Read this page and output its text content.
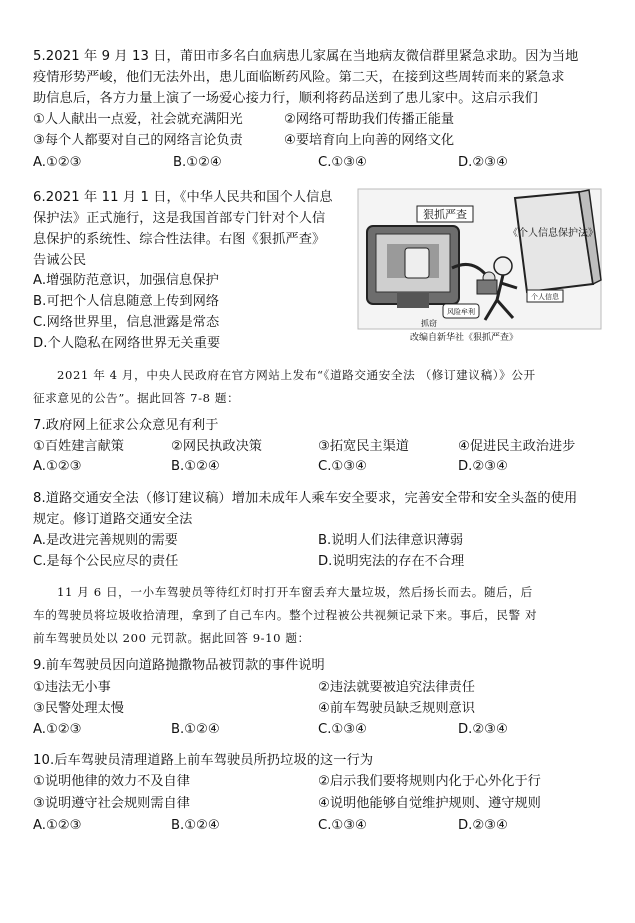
5.2021 年 9 月 13 日，莆田市多名白血病患儿家属在当地病友微信群里紧急求助。因为当地
疫情形势严峻，他们无法外出，患儿面临断药风险。第二天，在接到这些周转而来的紧急求
助信息后，各方力量上演了一场爱心接力行，顺利将药品送到了患儿家中。这启示我们
①人人献出一点爱，社会就充满阳光	②网络可帮助我们传播正能量
③每个人都要对自己的网络言论负责	④要培育向上向善的网络文化
A.①②③	B.①②④	C.①③④	D.②③④
6.2021 年 11 月 1 日，《中华人民共和国个人信息
保护法》正式施行，这是我国首部专门针对个人信
息保护的系统性、综合性法律。右图《狠抓严查》
告诫公民
A.增强防范意识，加强信息保护
B.可把个人信息随意上传到网络
C.网络世界里，信息泄露是常态
D.个人隐私在网络世界无关重要
狠抓严查
《个人信息保护法》
风险牟利
抓窃
个人信息
改编自新华社《狠抓严查》
2021 年 4 月，中央人民政府在官方网站上发布“《道路交通安全法 （修订建议稿）》公开
征求意见的公告”。据此回答 7-8 题：
7.政府网上征求公众意见有利于
①百姓建言献策	②网民执政决策	③拓宽民主渠道	④促进民主政治进步
A.①②③	B.①②④	C.①③④	D.②③④
8.道路交通安全法（修订建议稿）增加未成年人乘车安全要求，完善安全带和安全头盔的使用
规定。修订道路交通安全法
A.是改进完善规则的需要	B.说明人们法律意识薄弱
C.是每个公民应尽的责任	D.说明宪法的存在不合理
11 月 6 日，一小车驾驶员等待红灯时打开车窗丢弃大量垃圾，然后扬长而去。随后，后
车的驾驶员将垃圾收拾清理，拿到了自己车内。整个过程被公共视频记录下来。事后，民警 对
前车驾驶员处以 200 元罚款。据此回答 9-10 题：
9.前车驾驶员因向道路抛撒物品被罚款的事件说明
①违法无小事	②违法就要被追究法律责任
③民警处理太慢	④前车驾驶员缺乏规则意识
A.①②③	B.①②④	C.①③④	D.②③④
10.后车驾驶员清理道路上前车驾驶员所扔垃圾的这一行为
①说明他律的效力不及自律	②启示我们要将规则内化于心外化于行
③说明遵守社会规则需自律	④说明他能够自觉维护规则、遵守规则
A.①②③	B.①②④	C.①③④	D.②③④
